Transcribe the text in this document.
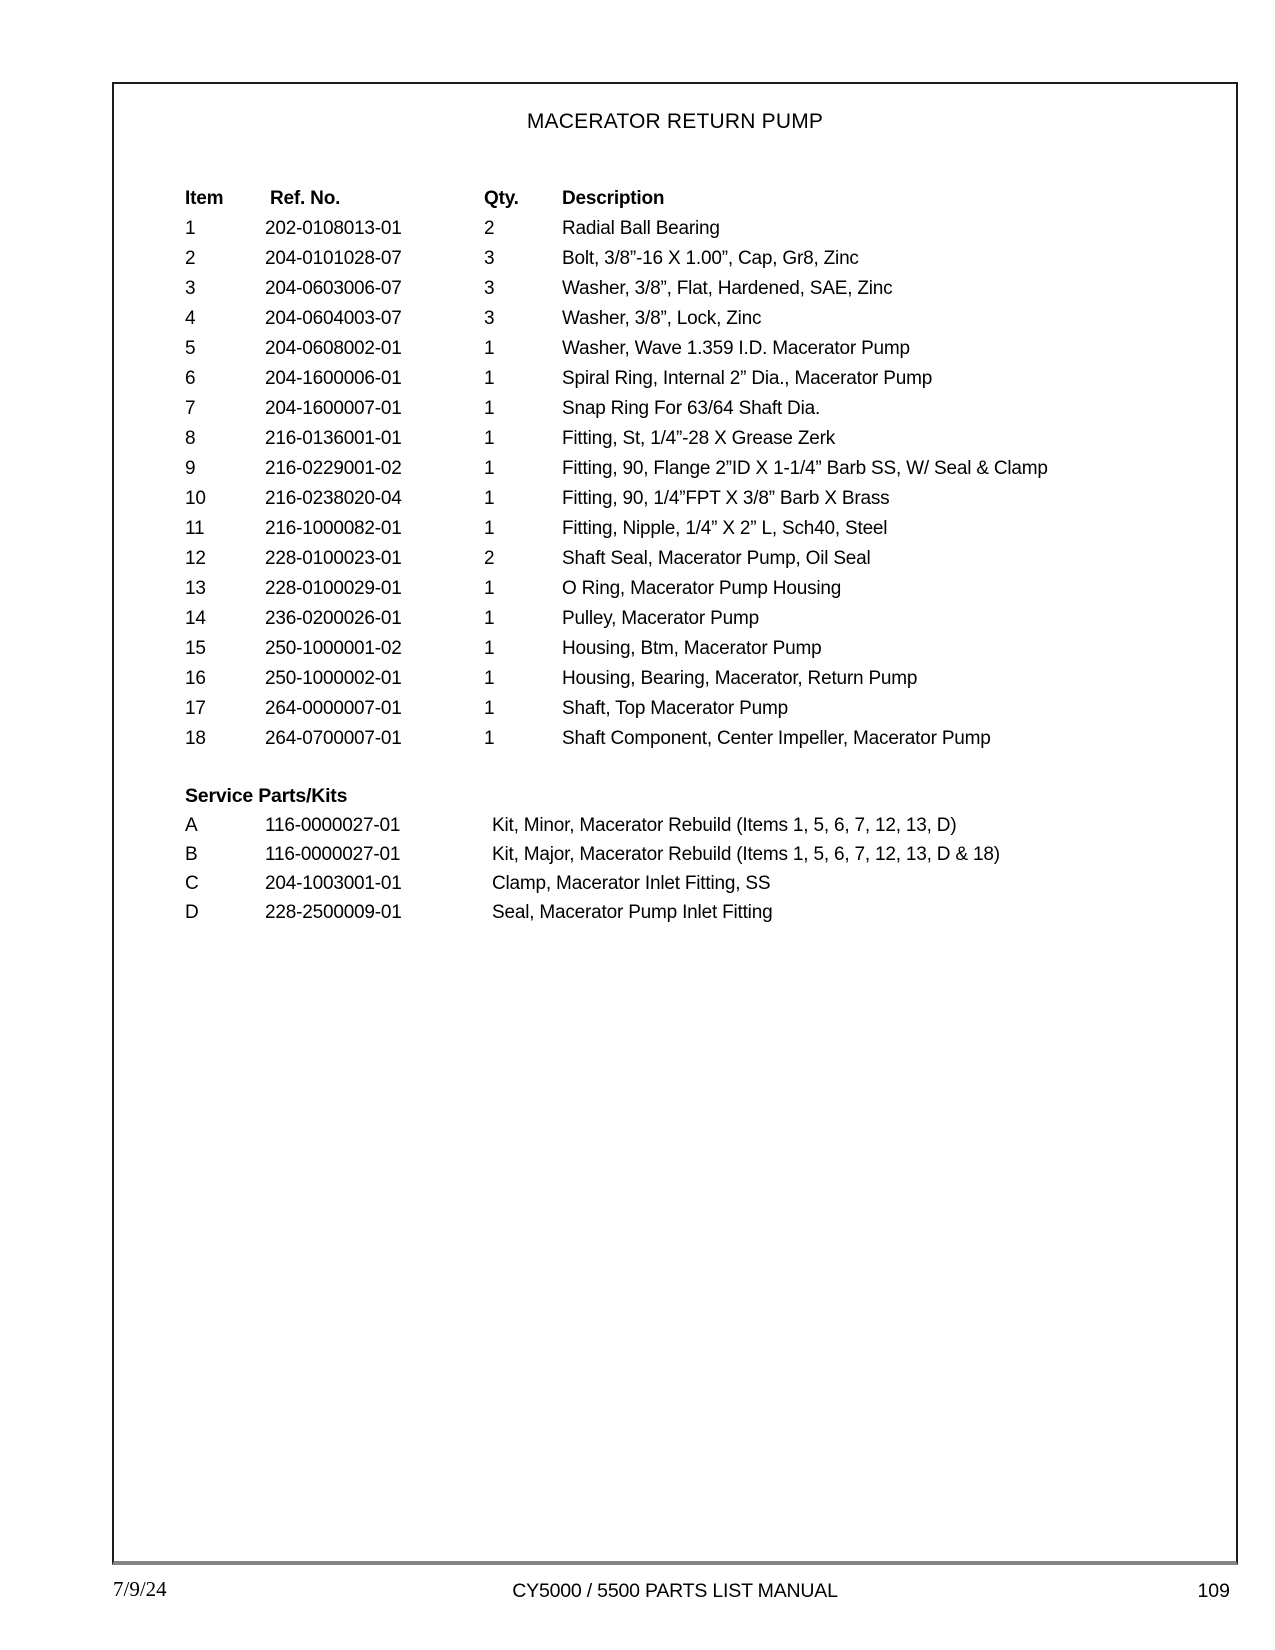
MACERATOR RETURN PUMP
Item	Ref. No.	Qty.	Description
1	202-0108013-01	2	Radial Ball Bearing
2	204-0101028-07	3	Bolt, 3/8”-16 X 1.00”, Cap, Gr8, Zinc
3	204-0603006-07	3	Washer, 3/8”, Flat, Hardened, SAE, Zinc
4	204-0604003-07	3	Washer, 3/8”, Lock, Zinc
5	204-0608002-01	1	Washer, Wave 1.359 I.D. Macerator Pump
6	204-1600006-01	1	Spiral Ring, Internal 2” Dia., Macerator Pump
7	204-1600007-01	1	Snap Ring For 63/64 Shaft Dia.
8	216-0136001-01	1	Fitting, St, 1/4”-28 X Grease Zerk
9	216-0229001-02	1	Fitting, 90, Flange 2”ID X 1-1/4” Barb SS, W/ Seal & Clamp
10	216-0238020-04	1	Fitting, 90, 1/4”FPT X 3/8” Barb X Brass
11	216-1000082-01	1	Fitting, Nipple, 1/4” X 2” L, Sch40, Steel
12	228-0100023-01	2	Shaft Seal, Macerator Pump, Oil Seal
13	228-0100029-01	1	O Ring, Macerator Pump Housing
14	236-0200026-01	1	Pulley, Macerator Pump
15	250-1000001-02	1	Housing, Btm, Macerator Pump
16	250-1000002-01	1	Housing, Bearing, Macerator, Return Pump
17	264-0000007-01	1	Shaft, Top Macerator Pump
18	264-0700007-01	1	Shaft Component, Center Impeller, Macerator Pump
Service Parts/Kits
A	116-0000027-01	Kit, Minor, Macerator Rebuild (Items 1, 5, 6, 7, 12, 13, D)
B	116-0000027-01	Kit, Major, Macerator Rebuild (Items 1, 5, 6, 7, 12, 13, D & 18)
C	204-1003001-01	Clamp, Macerator Inlet Fitting, SS
D	228-2500009-01	Seal, Macerator Pump Inlet Fitting
7/9/24	CY5000 / 5500 PARTS LIST MANUAL	109
